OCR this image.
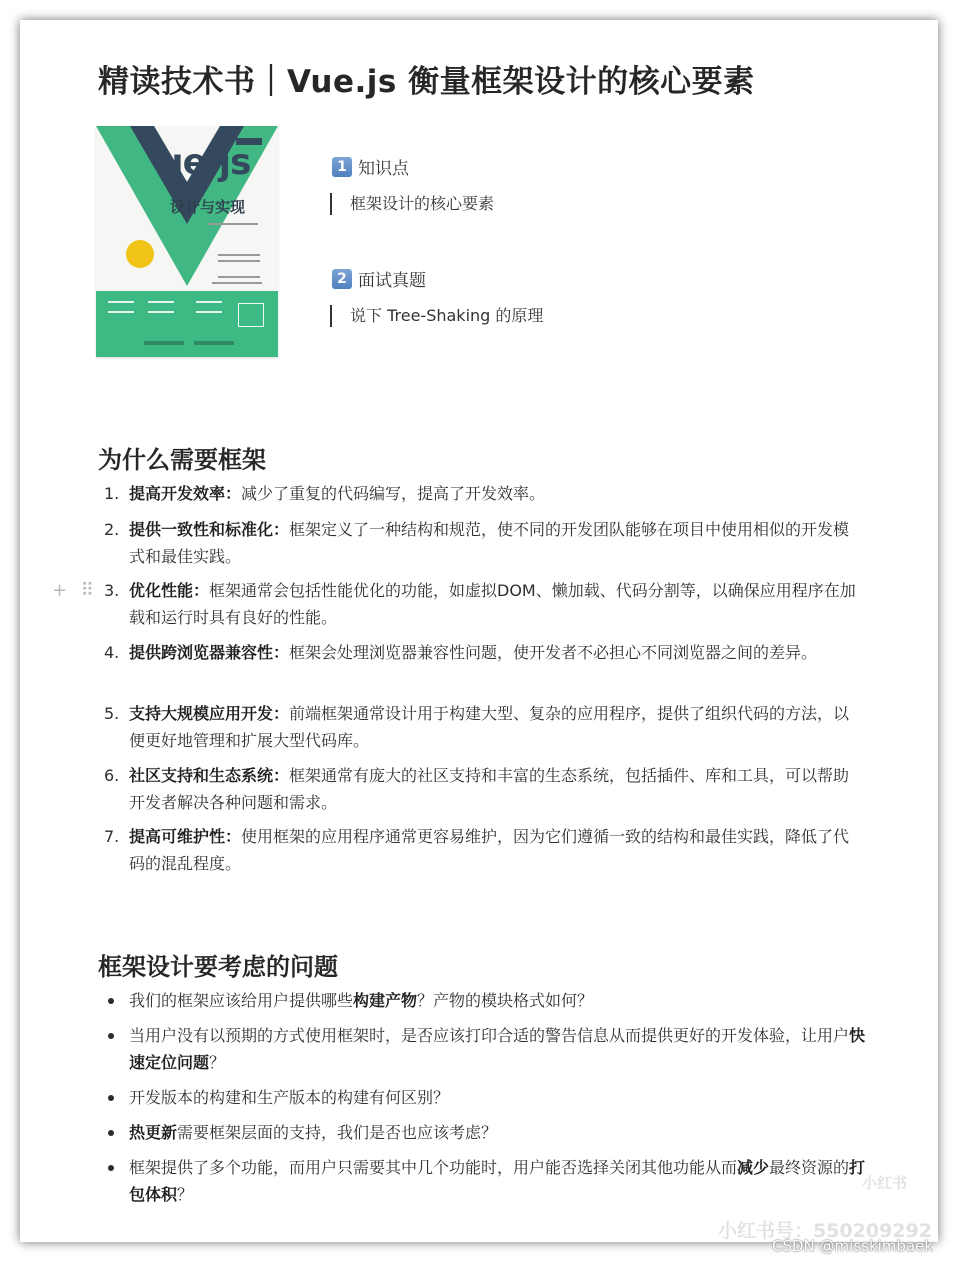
精读技术书｜Vue.js 衡量框架设计的核心要素
ue.js
设计与实现
1 知识点
框架设计的核心要素
2 面试真题
说下 Tree-Shaking 的原理
为什么需要框架
+ ⠿
1. 提高开发效率：减少了重复的代码编写，提高了开发效率。
2. 提供一致性和标准化：框架定义了一种结构和规范，使不同的开发团队能够在项目中使用相似的开发模式和最佳实践。
3. 优化性能：框架通常会包括性能优化的功能，如虚拟DOM、懒加载、代码分割等，以确保应用程序在加载和运行时具有良好的性能。
4. 提供跨浏览器兼容性：框架会处理浏览器兼容性问题，使开发者不必担心不同浏览器之间的差异。
5. 支持大规模应用开发：前端框架通常设计用于构建大型、复杂的应用程序，提供了组织代码的方法，以便更好地管理和扩展大型代码库。
6. 社区支持和生态系统：框架通常有庞大的社区支持和丰富的生态系统，包括插件、库和工具，可以帮助开发者解决各种问题和需求。
7. 提高可维护性：使用框架的应用程序通常更容易维护，因为它们遵循一致的结构和最佳实践，降低了代码的混乱程度。
框架设计要考虑的问题
我们的框架应该给用户提供哪些构建产物？产物的模块格式如何？
当用户没有以预期的方式使用框架时，是否应该打印合适的警告信息从而提供更好的开发体验，让用户快速定位问题？
开发版本的构建和生产版本的构建有何区别？
热更新需要框架层面的支持，我们是否也应该考虑？
框架提供了多个功能，而用户只需要其中几个功能时，用户能否选择关闭其他功能从而减少最终资源的打包体积？
小红书
小红书号：550209292
CSDN @misskimbaek
